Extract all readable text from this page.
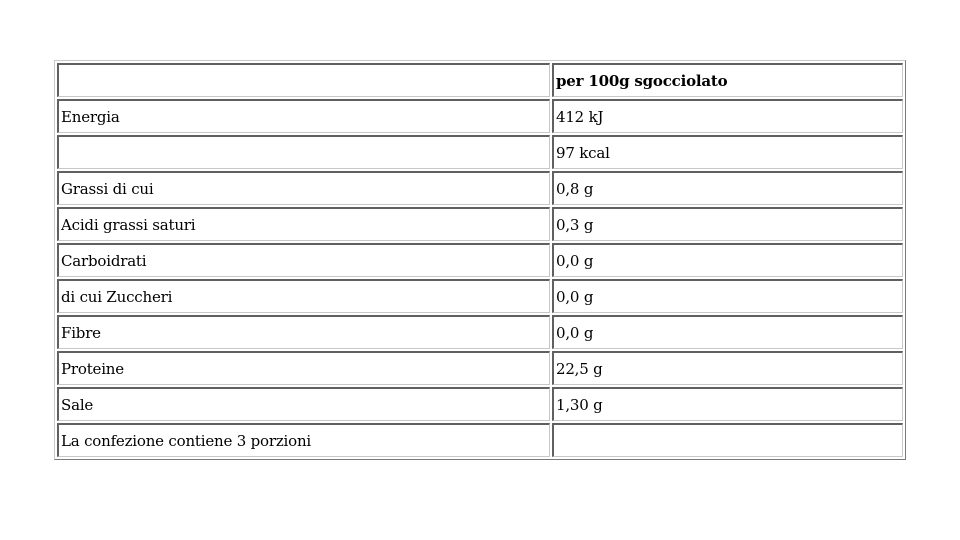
	per 100g sgocciolato
Energia	412 kJ
	97 kcal
Grassi di cui	0,8 g
Acidi grassi saturi	0,3 g
Carboidrati	0,0 g
di cui Zuccheri	0,0 g
Fibre	0,0 g
Proteine	22,5 g
Sale	1,30 g
La confezione contiene 3 porzioni	
